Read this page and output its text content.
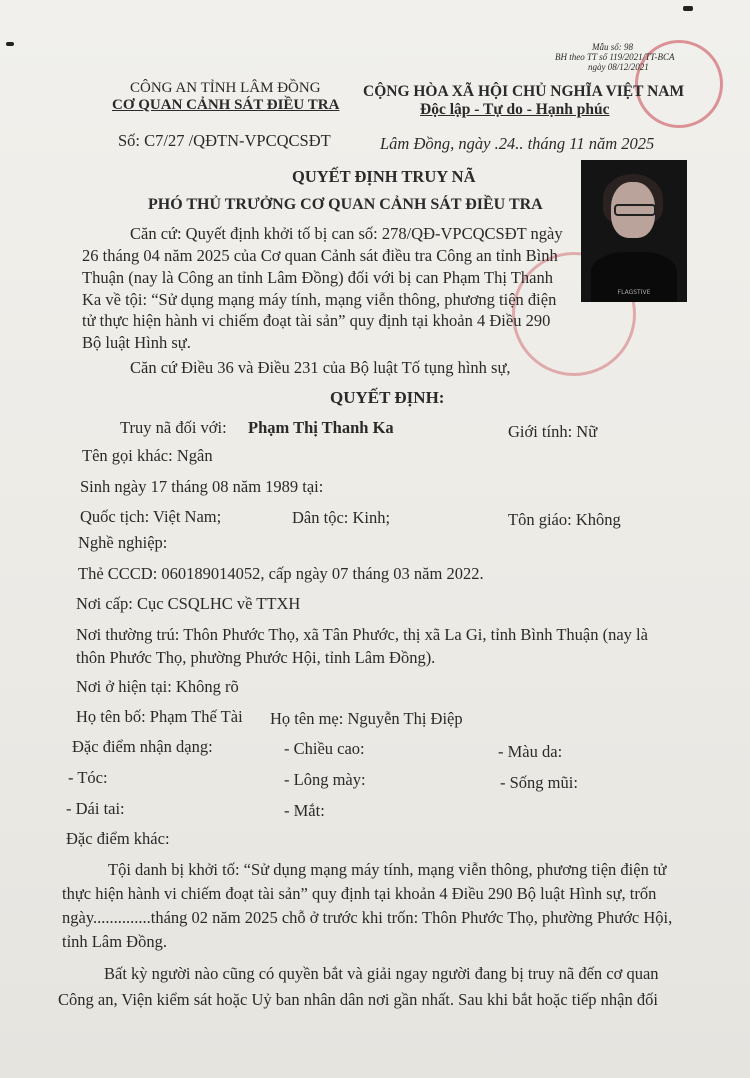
Mẫu số: 98
BH theo TT số 119/2021/TT-BCA
ngày 08/12/2021
CÔNG AN TỈNH LÂM ĐỒNG
CƠ QUAN CẢNH SÁT ĐIỀU TRA
CỘNG HÒA XÃ HỘI CHỦ NGHĨA VIỆT NAM
Độc lập - Tự do - Hạnh phúc
Số: C7/27 /QĐTN-VPCQCSĐT	Lâm Đồng, ngày .24.. tháng 11 năm 2025
QUYẾT ĐỊNH TRUY NÃ
PHÓ THỦ TRƯỞNG CƠ QUAN CẢNH SÁT ĐIỀU TRA
FLAGSTIVE
Căn cứ: Quyết định khởi tố bị can số: 278/QĐ-VPCQCSĐT ngày
26 tháng 04 năm 2025 của Cơ quan Cảnh sát điều tra Công an tỉnh Bình
Thuận (nay là Công an tỉnh Lâm Đồng) đối với bị can Phạm Thị Thanh
Ka về tội: “Sử dụng mạng máy tính, mạng viễn thông, phương tiện điện
tử thực hiện hành vi chiếm đoạt tài sản” quy định tại khoản 4 Điều 290
Bộ luật Hình sự.
Căn cứ Điều 36 và Điều 231 của Bộ luật Tố tụng hình sự,
QUYẾT ĐỊNH:
Truy nã đối với: Phạm Thị Thanh Ka	Giới tính: Nữ
Tên gọi khác: Ngân
Sinh ngày 17 tháng 08 năm 1989 tại:
Quốc tịch: Việt Nam;	Dân tộc: Kinh;	Tôn giáo: Không
Nghề nghiệp:
Thẻ CCCD: 060189014052, cấp ngày 07 tháng 03 năm 2022.
Nơi cấp: Cục CSQLHC về TTXH
Nơi thường trú: Thôn Phước Thọ, xã Tân Phước, thị xã La Gi, tỉnh Bình Thuận (nay là
thôn Phước Thọ, phường Phước Hội, tỉnh Lâm Đồng).
Nơi ở hiện tại: Không rõ
Họ tên bố: Phạm Thế Tài Họ tên mẹ: Nguyễn Thị Điệp
Đặc điểm nhận dạng:	- Chiều cao:	- Màu da:
- Tóc:	- Lông mày:	- Sống mũi:
- Dái tai:	- Mắt:
Đặc điểm khác:
Tội danh bị khởi tố: “Sử dụng mạng máy tính, mạng viễn thông, phương tiện điện tử
thực hiện hành vi chiếm đoạt tài sản” quy định tại khoản 4 Điều 290 Bộ luật Hình sự, trốn
ngày..............tháng 02 năm 2025 chỗ ở trước khi trốn: Thôn Phước Thọ, phường Phước Hội,
tỉnh Lâm Đồng.
Bất kỳ người nào cũng có quyền bắt và giải ngay người đang bị truy nã đến cơ quan
Công an, Viện kiểm sát hoặc Uỷ ban nhân dân nơi gần nhất. Sau khi bắt hoặc tiếp nhận đối
